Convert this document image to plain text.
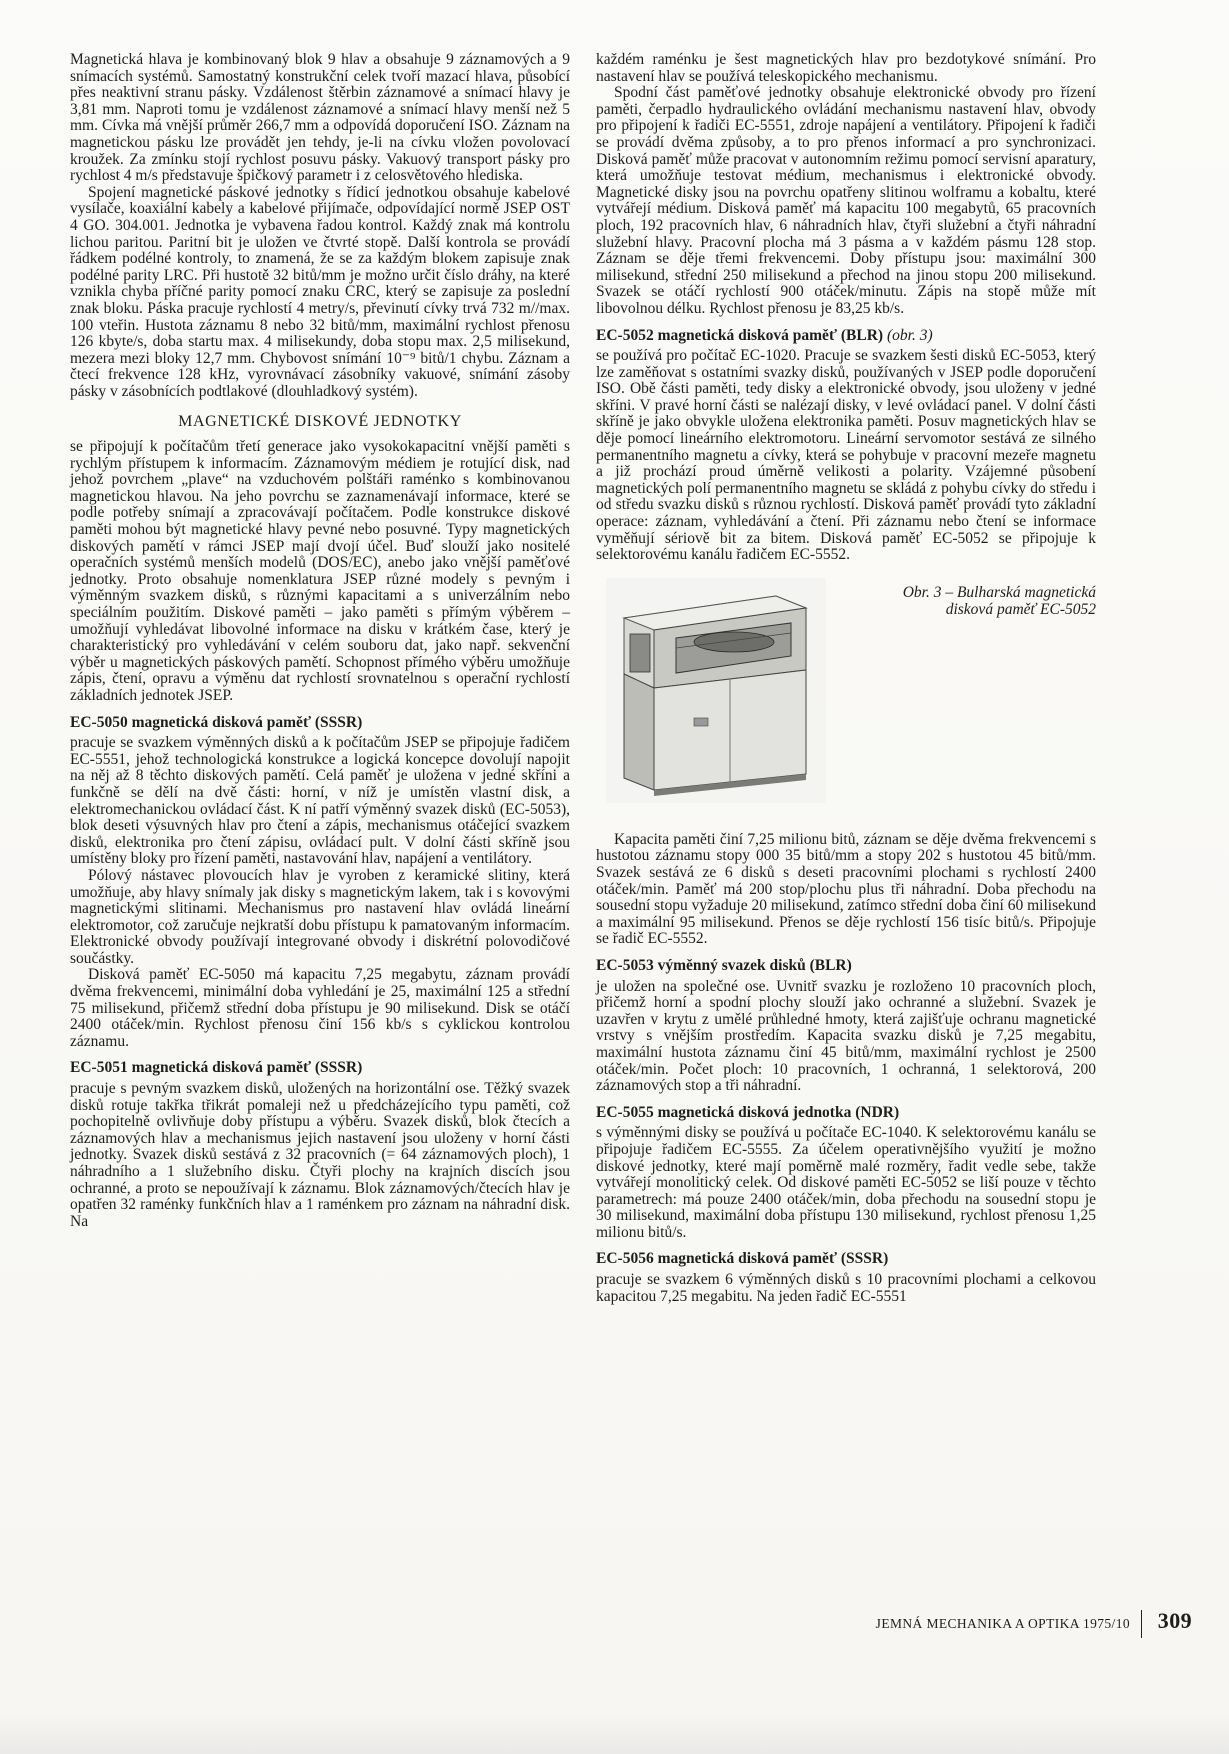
Magnetická hlava je kombinovaný blok 9 hlav a obsahuje 9 záznamových a 9 snímacích systémů. Samostatný konstrukční celek tvoří mazací hlava, působící přes neaktivní stranu pásky. Vzdálenost štěrbin záznamové a snímací hlavy je 3,81 mm. Naproti tomu je vzdálenost záznamové a snímací hlavy menší než 5 mm. Cívka má vnější průměr 266,7 mm a odpovídá doporučení ISO. Záznam na magnetickou pásku lze provádět jen tehdy, je-li na cívku vložen povolovací kroužek. Za zmínku stojí rychlost posuvu pásky. Vakuový transport pásky pro rychlost 4 m/s představuje špičkový parametr i z celosvětového hlediska.

Spojení magnetické páskové jednotky s řídicí jednotkou obsahuje kabelové vysílače, koaxiální kabely a kabelové přijímače, odpovídající normě JSEP OST 4 GO. 304.001. Jednotka je vybavena řadou kontrol. Každý znak má kontrolu lichou paritou. Paritní bit je uložen ve čtvrté stopě. Další kontrola se provádí řádkem podélné kontroly, to znamená, že se za každým blokem zapisuje znak podélné parity LRC. Při hustotě 32 bitů/mm je možno určit číslo dráhy, na které vznikla chyba příčné parity pomocí znaku CRC, který se zapisuje za poslední znak bloku. Páska pracuje rychlostí 4 metry/s, převinutí cívky trvá 732 m//max. 100 vteřin. Hustota záznamu 8 nebo 32 bitů/mm, maximální rychlost přenosu 126 kbyte/s, doba startu max. 4 milisekundy, doba stopu max. 2,5 milisekund, mezera mezi bloky 12,7 mm. Chybovost snímání 10⁻⁹ bitů/1 chybu. Záznam a čtecí frekvence 128 kHz, vyrovnávací zásobníky vakuové, snímání zásoby pásky v zásobnících podtlakové (dlouhladkový systém).

MAGNETICKÉ DISKOVÉ JEDNOTKY

se připojují k počítačům třetí generace jako vysokokapacitní vnější paměti s rychlým přístupem k informacím. Záznamovým médiem je rotující disk, nad jehož povrchem „plave“ na vzduchovém polštáři raménko s kombinovanou magnetickou hlavou. Na jeho povrchu se zaznamenávají informace, které se podle potřeby snímají a zpracovávají počítačem. Podle konstrukce diskové paměti mohou být magnetické hlavy pevné nebo posuvné. Typy magnetických diskových pamětí v rámci JSEP mají dvojí účel. Buď slouží jako nositelé operačních systémů menších modelů (DOS/EC), anebo jako vnější paměťové jednotky. Proto obsahuje nomenklatura JSEP různé modely s pevným i výměnným svazkem disků, s různými kapacitami a s univerzálním nebo speciálním použitím. Diskové paměti – jako paměti s přímým výběrem – umožňují vyhledávat libovolné informace na disku v krátkém čase, který je charakteristický pro vyhledávání v celém souboru dat, jako např. sekvenční výběr u magnetických páskových pamětí. Schopnost přímého výběru umožňuje zápis, čtení, opravu a výměnu dat rychlostí srovnatelnou s operační rychlostí základních jednotek JSEP.

EC-5050 magnetická disková paměť (SSSR)

pracuje se svazkem výměnných disků a k počítačům JSEP se připojuje řadičem EC-5551, jehož technologická konstrukce a logická koncepce dovolují napojit na něj až 8 těchto diskových pamětí. Celá paměť je uložena v jedné skříni a funkčně se dělí na dvě části: horní, v níž je umístěn vlastní disk, a elektromechanickou ovládací část. K ní patří výměnný svazek disků (EC-5053), blok deseti výsuvných hlav pro čtení a zápis, mechanismus otáčející svazkem disků, elektronika pro čtení zápisu, ovládací pult. V dolní části skříně jsou umístěny bloky pro řízení paměti, nastavování hlav, napájení a ventilátory.

Pólový nástavec plovoucích hlav je vyroben z keramické slitiny, která umožňuje, aby hlavy snímaly jak disky s magnetickým lakem, tak i s kovovými magnetickými slitinami. Mechanismus pro nastavení hlav ovládá lineární elektromotor, což zaručuje nejkratší dobu přístupu k pamatovaným informacím. Elektronické obvody používají integrované obvody i diskrétní polovodičové součástky.

Disková paměť EC-5050 má kapacitu 7,25 megabytu, záznam provádí dvěma frekvencemi, minimální doba vyhledání je 25, maximální 125 a střední 75 milisekund, přičemž střední doba přístupu je 90 milisekund. Disk se otáčí 2400 otáček/min. Rychlost přenosu činí 156 kb/s s cyklickou kontrolou záznamu.

EC-5051 magnetická disková paměť (SSSR)

pracuje s pevným svazkem disků, uložených na horizontální ose. Těžký svazek disků rotuje takřka třikrát pomaleji než u předcházejícího typu paměti, což pochopitelně ovlivňuje doby přístupu a výběru. Svazek disků, blok čtecích a záznamových hlav a mechanismus jejich nastavení jsou uloženy v horní části jednotky. Svazek disků sestává z 32 pracovních (= 64 záznamových ploch), 1 náhradního a 1 služebního disku. Čtyři plochy na krajních discích jsou ochranné, a proto se nepoužívají k záznamu. Blok záznamových/čtecích hlav je opatřen 32 raménky funkčních hlav a 1 raménkem pro záznam na náhradní disk. Na

každém raménku je šest magnetických hlav pro bezdotykové snímání. Pro nastavení hlav se používá teleskopického mechanismu.

Spodní část paměťové jednotky obsahuje elektronické obvody pro řízení paměti, čerpadlo hydraulického ovládání mechanismu nastavení hlav, obvody pro připojení k řadiči EC-5551, zdroje napájení a ventilátory. Připojení k řadiči se provádí dvěma způsoby, a to pro přenos informací a pro synchronizaci. Disková paměť může pracovat v autonomním režimu pomocí servisní aparatury, která umožňuje testovat médium, mechanismus i elektronické obvody. Magnetické disky jsou na povrchu opatřeny slitinou wolframu a kobaltu, které vytvářejí médium. Disková paměť má kapacitu 100 megabytů, 65 pracovních ploch, 192 pracovních hlav, 6 náhradních hlav, čtyři služební a čtyři náhradní služební hlavy. Pracovní plocha má 3 pásma a v každém pásmu 128 stop. Záznam se děje třemi frekvencemi. Doby přístupu jsou: maximální 300 milisekund, střední 250 milisekund a přechod na jinou stopu 200 milisekund. Svazek se otáčí rychlostí 900 otáček/minutu. Zápis na stopě může mít libovolnou délku. Rychlost přenosu je 83,25 kb/s.

EC-5052 magnetická disková paměť (BLR) (obr. 3)

se používá pro počítač EC-1020. Pracuje se svazkem šesti disků EC-5053, který lze zaměňovat s ostatními svazky disků, používaných v JSEP podle doporučení ISO. Obě části paměti, tedy disky a elektronické obvody, jsou uloženy v jedné skříni. V pravé horní části se nalézají disky, v levé ovládací panel. V dolní části skříně je jako obvykle uložena elektronika paměti. Posuv magnetických hlav se děje pomocí lineárního elektromotoru. Lineární servomotor sestává ze silného permanentního magnetu a cívky, která se pohybuje v pracovní mezeře magnetu a již prochází proud úměrně velikosti a polarity. Vzájemné působení magnetických polí permanentního magnetu se skládá z pohybu cívky do středu i od středu svazku disků s různou rychlostí. Disková paměť provádí tyto základní operace: záznam, vyhledávání a čtení. Při záznamu nebo čtení se informace vyměňují sériově bit za bitem. Disková paměť EC-5052 se připojuje k selektorovému kanálu řadičem EC-5552.

Obr. 3 – Bulharská magnetická
disková paměť EC-5052

Kapacita paměti činí 7,25 milionu bitů, záznam se děje dvěma frekvencemi s hustotou záznamu stopy 000 35 bitů/mm a stopy 202 s hustotou 45 bitů/mm. Svazek sestává ze 6 disků s deseti pracovními plochami s rychlostí 2400 otáček/min. Paměť má 200 stop/plochu plus tři náhradní. Doba přechodu na sousední stopu vyžaduje 20 milisekund, zatímco střední doba činí 60 milisekund a maximální 95 milisekund. Přenos se děje rychlostí 156 tisíc bitů/s. Připojuje se řadič EC-5552.

EC-5053 výměnný svazek disků (BLR)

je uložen na společné ose. Uvnitř svazku je rozloženo 10 pracovních ploch, přičemž horní a spodní plochy slouží jako ochranné a služební. Svazek je uzavřen v krytu z umělé průhledné hmoty, která zajišťuje ochranu magnetické vrstvy s vnějším prostředím. Kapacita svazku disků je 7,25 megabitu, maximální hustota záznamu činí 45 bitů/mm, maximální rychlost je 2500 otáček/min. Počet ploch: 10 pracovních, 1 ochranná, 1 selektorová, 200 záznamových stop a tři náhradní.

EC-5055 magnetická disková jednotka (NDR)

s výměnnými disky se používá u počítače EC-1040. K selektorovému kanálu se připojuje řadičem EC-5555. Za účelem operativnějšího využití je možno diskové jednotky, které mají poměrně malé rozměry, řadit vedle sebe, takže vytvářejí monolitický celek. Od diskové paměti EC-5052 se liší pouze v těchto parametrech: má pouze 2400 otáček/min, doba přechodu na sousední stopu je 30 milisekund, maximální doba přístupu 130 milisekund, rychlost přenosu 1,25 milionu bitů/s.

EC-5056 magnetická disková paměť (SSSR)

pracuje se svazkem 6 výměnných disků s 10 pracovními plochami a celkovou kapacitou 7,25 megabitu. Na jeden řadič EC-5551

JEMNÁ MECHANIKA A OPTIKA 1975/10 309
